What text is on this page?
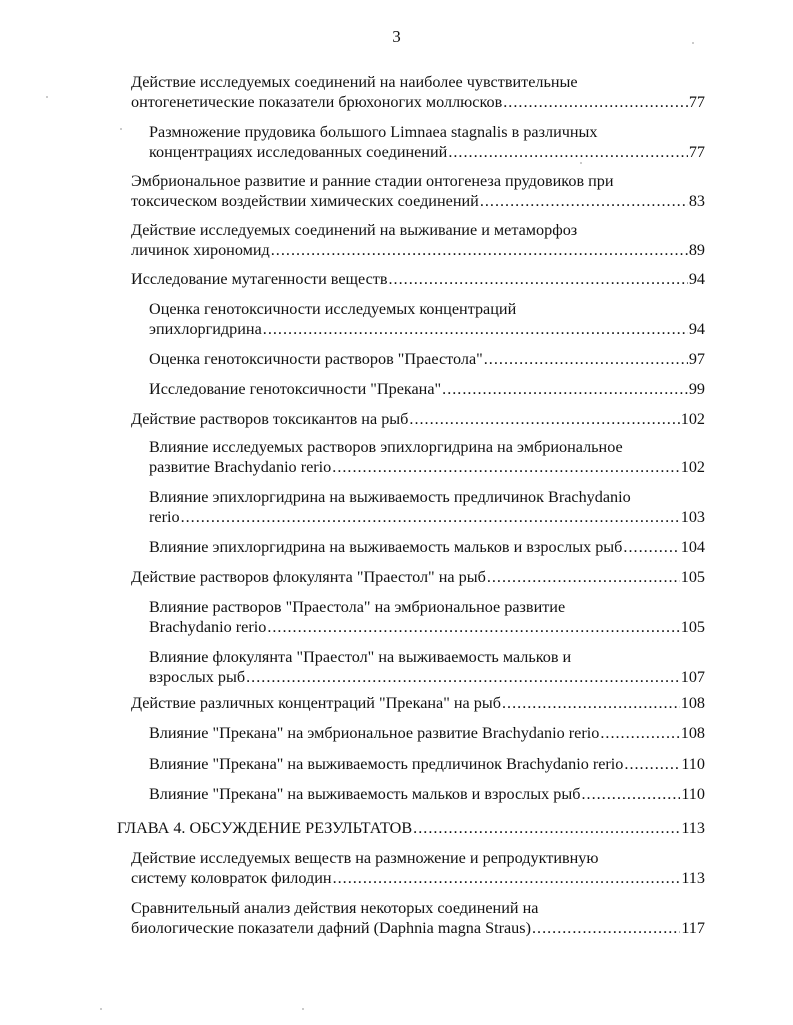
3
Действие исследуемых соединений на наиболее чувствительные
онтогенетические показатели брюхоногих моллюсков .....	77
Размножение прудовика большого Limnaea stagnalis в различных
концентрациях исследованных соединений .....	77
Эмбриональное развитие и ранние стадии онтогенеза прудовиков при
токсическом воздействии химических соединений .....	83
Действие исследуемых соединений на выживание и метаморфоз
личинок хирономид .....	89
Исследование мутагенности веществ .....	94
Оценка генотоксичности исследуемых концентраций
эпихлоргидрина .....	94
Оценка генотоксичности растворов "Праестола" .....	97
Исследование генотоксичности "Прекана" .....	99
Действие растворов токсикантов на рыб .....	102
Влияние исследуемых растворов эпихлоргидрина на эмбриональное
развитие Brachydanio rerio .....	102
Влияние эпихлоргидрина на выживаемость предличинок Brachydanio
rerio .....	103
Влияние эпихлоргидрина на выживаемость мальков и взрослых рыб .....	104
Действие растворов флокулянта "Праестол" на рыб .....	105
Влияние растворов "Праестола" на эмбриональное развитие
Brachydanio rerio .....	105
Влияние флокулянта "Праестол" на выживаемость мальков и
взрослых рыб .....	107
Действие различных концентраций "Прекана" на рыб .....	108
Влияние "Прекана" на эмбриональное развитие Brachydanio rerio .....	108
Влияние "Прекана" на выживаемость предличинок Brachydanio rerio .....	110
Влияние "Прекана" на выживаемость мальков и взрослых рыб .....	110
ГЛАВА 4. ОБСУЖДЕНИЕ РЕЗУЛЬТАТОВ .....	113
Действие исследуемых веществ на размножение и репродуктивную
систему коловраток филодин .....	113
Сравнительный анализ действия некоторых соединений на
биологические показатели дафний (Daphnia magna Straus) .....	117
